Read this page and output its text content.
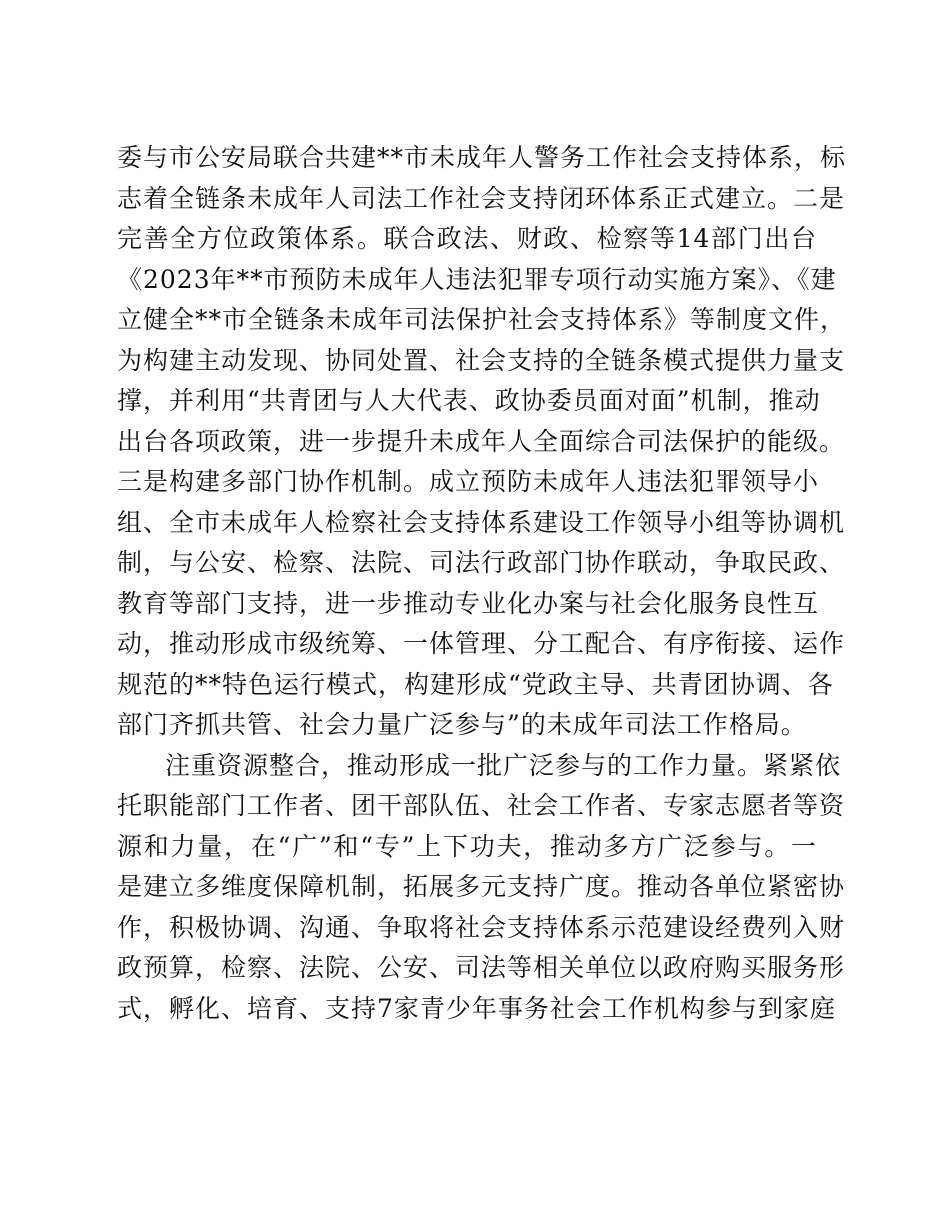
委与市公安局联合共建**市未成年人警务工作社会支持体系，标
志着全链条未成年人司法工作社会支持闭环体系正式建立。二是
完善全方位政策体系。联合政法、财政、检察等14部门出台
《2023年**市预防未成年人违法犯罪专项行动实施方案》、《建
立健全**市全链条未成年司法保护社会支持体系》等制度文件，
为构建主动发现、协同处置、社会支持的全链条模式提供力量支
撑，并利用“共青团与人大代表、政协委员面对面”机制，推动
出台各项政策，进一步提升未成年人全面综合司法保护的能级。
三是构建多部门协作机制。成立预防未成年人违法犯罪领导小
组、全市未成年人检察社会支持体系建设工作领导小组等协调机
制，与公安、检察、法院、司法行政部门协作联动，争取民政、
教育等部门支持，进一步推动专业化办案与社会化服务良性互
动，推动形成市级统筹、一体管理、分工配合、有序衔接、运作
规范的**特色运行模式，构建形成“党政主导、共青团协调、各
部门齐抓共管、社会力量广泛参与”的未成年司法工作格局。
注重资源整合，推动形成一批广泛参与的工作力量。紧紧依
托职能部门工作者、团干部队伍、社会工作者、专家志愿者等资
源和力量，在“广”和“专”上下功夫，推动多方广泛参与。一
是建立多维度保障机制，拓展多元支持广度。推动各单位紧密协
作，积极协调、沟通、争取将社会支持体系示范建设经费列入财
政预算，检察、法院、公安、司法等相关单位以政府购买服务形
式，孵化、培育、支持7家青少年事务社会工作机构参与到家庭
